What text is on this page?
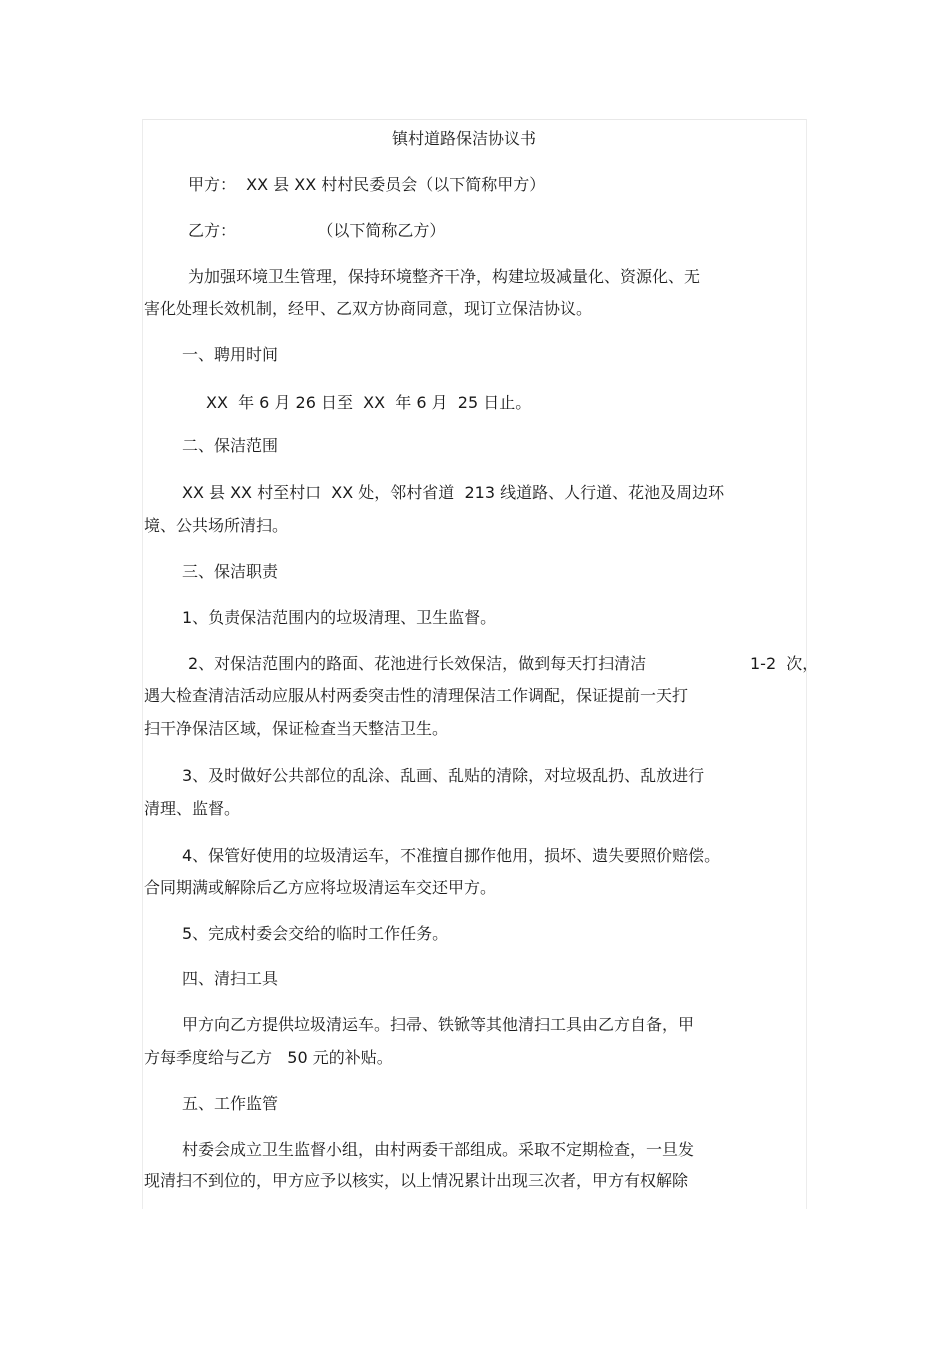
镇村道路保洁协议书
甲方：  XX 县 XX 村村民委员会（以下简称甲方）
乙方：                （以下简称乙方）
为加强环境卫生管理，保持环境整齐干净，构建垃圾减量化、资源化、无
害化处理长效机制，经甲、乙双方协商同意，现订立保洁协议。
一、聘用时间
XX  年 6 月 26 日至  XX  年 6 月  25 日止。
二、保洁范围
XX 县 XX 村至村口  XX 处，邻村省道  213 线道路、人行道、花池及周边环
境、公共场所清扫。
三、保洁职责
1、负责保洁范围内的垃圾清理、卫生监督。
2、对保洁范围内的路面、花池进行长效保洁，做到每天打扫清洁	1-2  次，
遇大检查清洁活动应服从村两委突击性的清理保洁工作调配，保证提前一天打
扫干净保洁区域，保证检查当天整洁卫生。
3、及时做好公共部位的乱涂、乱画、乱贴的清除，对垃圾乱扔、乱放进行
清理、监督。
4、保管好使用的垃圾清运车，不准擅自挪作他用，损坏、遗失要照价赔偿。
合同期满或解除后乙方应将垃圾清运车交还甲方。
5、完成村委会交给的临时工作任务。
四、清扫工具
甲方向乙方提供垃圾清运车。扫帚、铁锨等其他清扫工具由乙方自备，甲
方每季度给与乙方   50 元的补贴。
五、工作监管
村委会成立卫生监督小组，由村两委干部组成。采取不定期检查，一旦发
现清扫不到位的，甲方应予以核实，以上情况累计出现三次者，甲方有权解除
